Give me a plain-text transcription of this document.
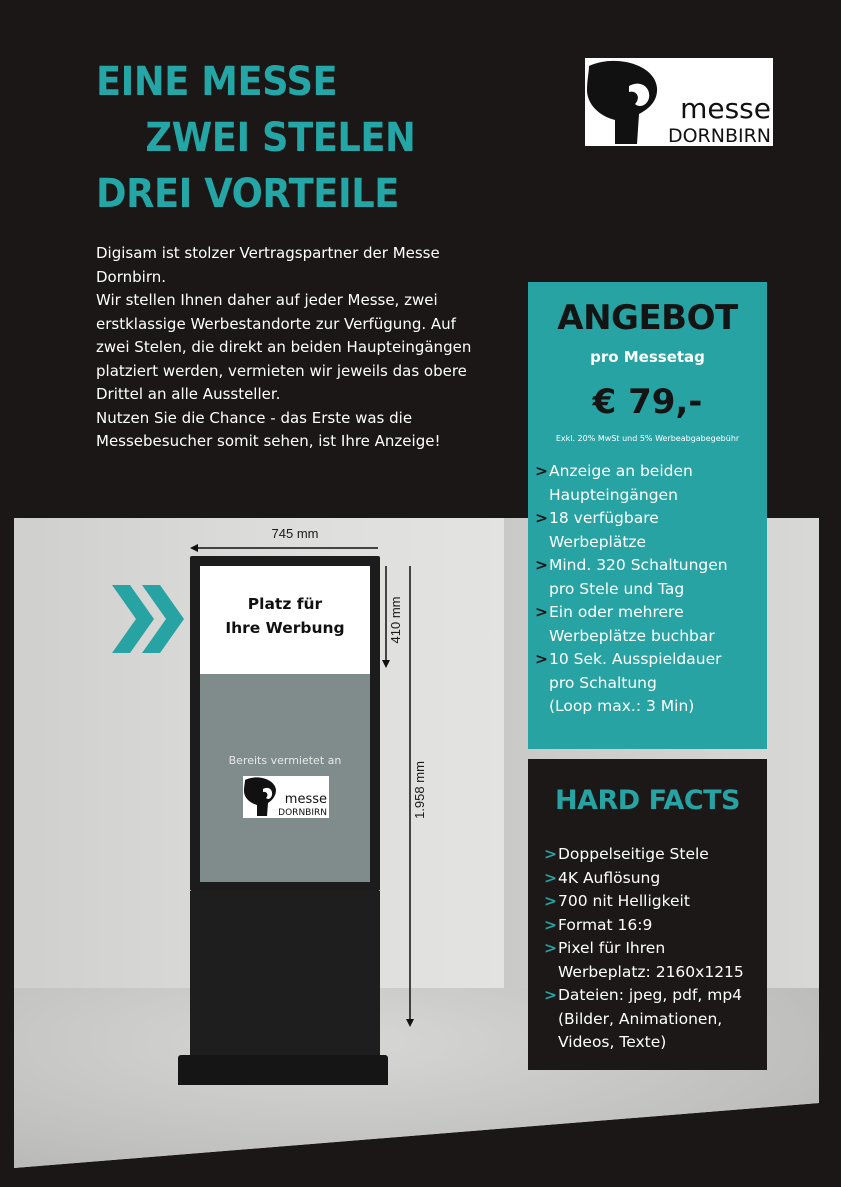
EINE MESSE
ZWEI STELEN
DREI VORTEILE
messe
DORNBIRN

Digisam ist stolzer Vertragspartner der Messe Dornbirn.
Wir stellen Ihnen daher auf jeder Messe, zwei erstklassige Werbestandorte zur Verfügung. Auf zwei Stelen, die direkt an beiden Haupteingängen platziert werden, vermieten wir jeweils das obere Drittel an alle Aussteller.
Nutzen Sie die Chance - das Erste was die Messebesucher somit sehen, ist Ihre Anzeige!

Platz für
Ihre Werbung
Bereits vermietet an
messe
DORNBIRN
745 mm
410 mm
1.958 mm
ANGEBOT
pro Messetag
€ 79,-
Exkl. 20% MwSt und 5% Werbeabgabegebühr
> Anzeige an beiden
Haupteingängen
> 18 verfügbare
Werbeplätze
> Mind. 320 Schaltungen
pro Stele und Tag
> Ein oder mehrere
Werbeplätze buchbar
> 10 Sek. Ausspieldauer
pro Schaltung
(Loop max.: 3 Min)
HARD FACTS
> Doppelseitige Stele
> 4K Auflösung
> 700 nit Helligkeit
> Format 16:9
> Pixel für Ihren
Werbeplatz: 2160x1215
> Dateien: jpeg, pdf, mp4
(Bilder, Animationen,
Videos, Texte)
